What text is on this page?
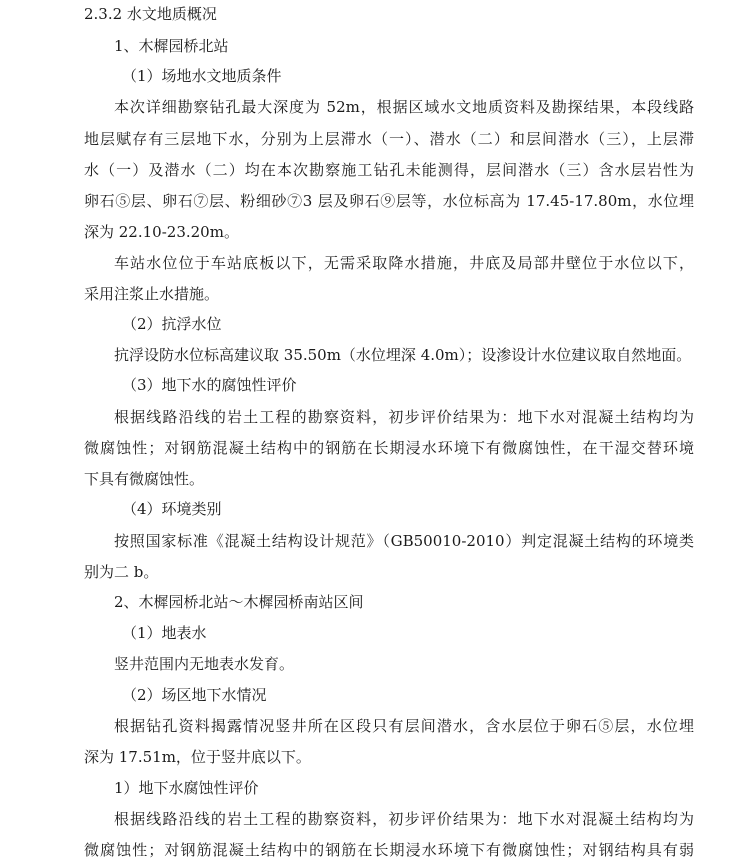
2.3.2 水文地质概况
1、木樨园桥北站
（1）场地水文地质条件
本次详细勘察钻孔最大深度为 52m，根据区域水文地质资料及勘探结果，本段线路
地层赋存有三层地下水，分别为上层滞水（一）、潜水（二）和层间潜水（三），上层滞
水（一）及潜水（二）均在本次勘察施工钻孔未能测得，层间潜水（三）含水层岩性为
卵石⑤层、卵石⑦层、粉细砂⑦3 层及卵石⑨层等，水位标高为 17.45-17.80m，水位埋
深为 22.10-23.20m。
车站水位位于车站底板以下，无需采取降水措施，井底及局部井壁位于水位以下，
采用注浆止水措施。
（2）抗浮水位
抗浮设防水位标高建议取 35.50m（水位埋深 4.0m）；设渗设计水位建议取自然地面。
（3）地下水的腐蚀性评价
根据线路沿线的岩土工程的勘察资料，初步评价结果为：地下水对混凝土结构均为
微腐蚀性；对钢筋混凝土结构中的钢筋在长期浸水环境下有微腐蚀性，在干湿交替环境
下具有微腐蚀性。
（4）环境类别
按照国家标准《混凝土结构设计规范》（GB50010-2010）判定混凝土结构的环境类
别为二 b。
2、木樨园桥北站～木樨园桥南站区间
（1）地表水
竖井范围内无地表水发育。
（2）场区地下水情况
根据钻孔资料揭露情况竖井所在区段只有层间潜水，含水层位于卵石⑤层，水位埋
深为 17.51m，位于竖井底以下。
1）地下水腐蚀性评价
根据线路沿线的岩土工程的勘察资料，初步评价结果为：地下水对混凝土结构均为
微腐蚀性；对钢筋混凝土结构中的钢筋在长期浸水环境下有微腐蚀性；对钢结构具有弱
